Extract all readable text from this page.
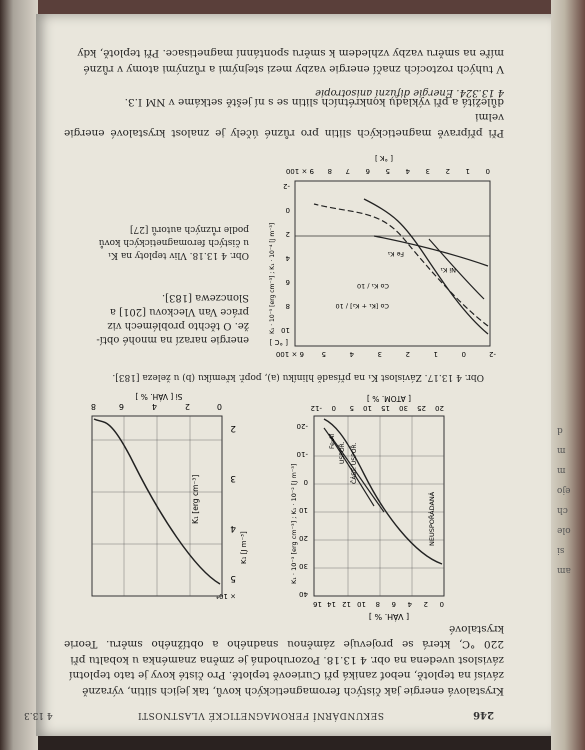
246
SEKUNDÁRNÍ FEROMAGNETICKÉ VLASTNOSTI
4 13.3
Krystalová energie jak čistých feromagnetických kovů, tak jejich slitin, výrazně
závisí na teplotě, neboť zaniká při Curieově teplotě. Pro čisté kovy je tato teplotní
závislost uvedena na obr. 4 13.18. Pozoruhodná je změna znaménka u kobaltu při
220 °C, která se projevuje záměnou snadného a obtížného směru. Teorie krystalové
[ VÁH. % ]
0
2
4
6
8
10
12
14
16
NEUSPOŘÁDANÁ
ČÁST. USPOŘ.
USPOŘ.
Fe₃Al
40
30
20
10
0
-10
-20
K₁ · 10⁻³ [erg cm⁻³] ; K₁ · 10⁻² [J m⁻³]
20
25
30
15
10
5
0
-12
[ ATOM. % ]
× 10⁴
5
4
3
2
K₁ [J m⁻³]
K₁ [erg cm⁻³]
0
2
4
6
8
Si [ VÁH. % ]
Obr. 4 13.17. Závislost K₁ na přísadě hliníku (a), popř. křemíku (b) u železa [183].
-2
0
1
2
3
4
5
6 × 100
[ °C ]
Co [K₁ + K₂] / 10
Co K₁ / 10
Ni K₁
Fe K₁
10
8
6
4
2
0
-2
K₁ · 10⁻⁵ [erg cm⁻³] ; K₁ · 10⁻⁴ [J m⁻³]
0
1
2
3
4
5
6
7
8
9 × 100
[ °K ]
energie narazí na mnohé obtí-
že. O těchto problémech viz
práce Van Vleckovu [201] a
Slonczewa [183].
Obr. 4 13.18. Vliv teploty na K₁
u čistých feromagnetických kovů
podle různých autorů [27]
Při přípravě magnetických slitin pro různé účely je znalost krystalové energie velmi
důležitá a při výkladu konkrétních slitin se s ní ještě setkáme v NM I.3.
4 13.324. Energie difúzní anisotropie
V tuhých roztocích značí energie vazby mezi stejnými a různými atomy v různé
míře na směru vazby vzhledem k směru spontánní magnetisace. Při teplotě, kdy
am
si
ole
ch
ejo
m
m
d
